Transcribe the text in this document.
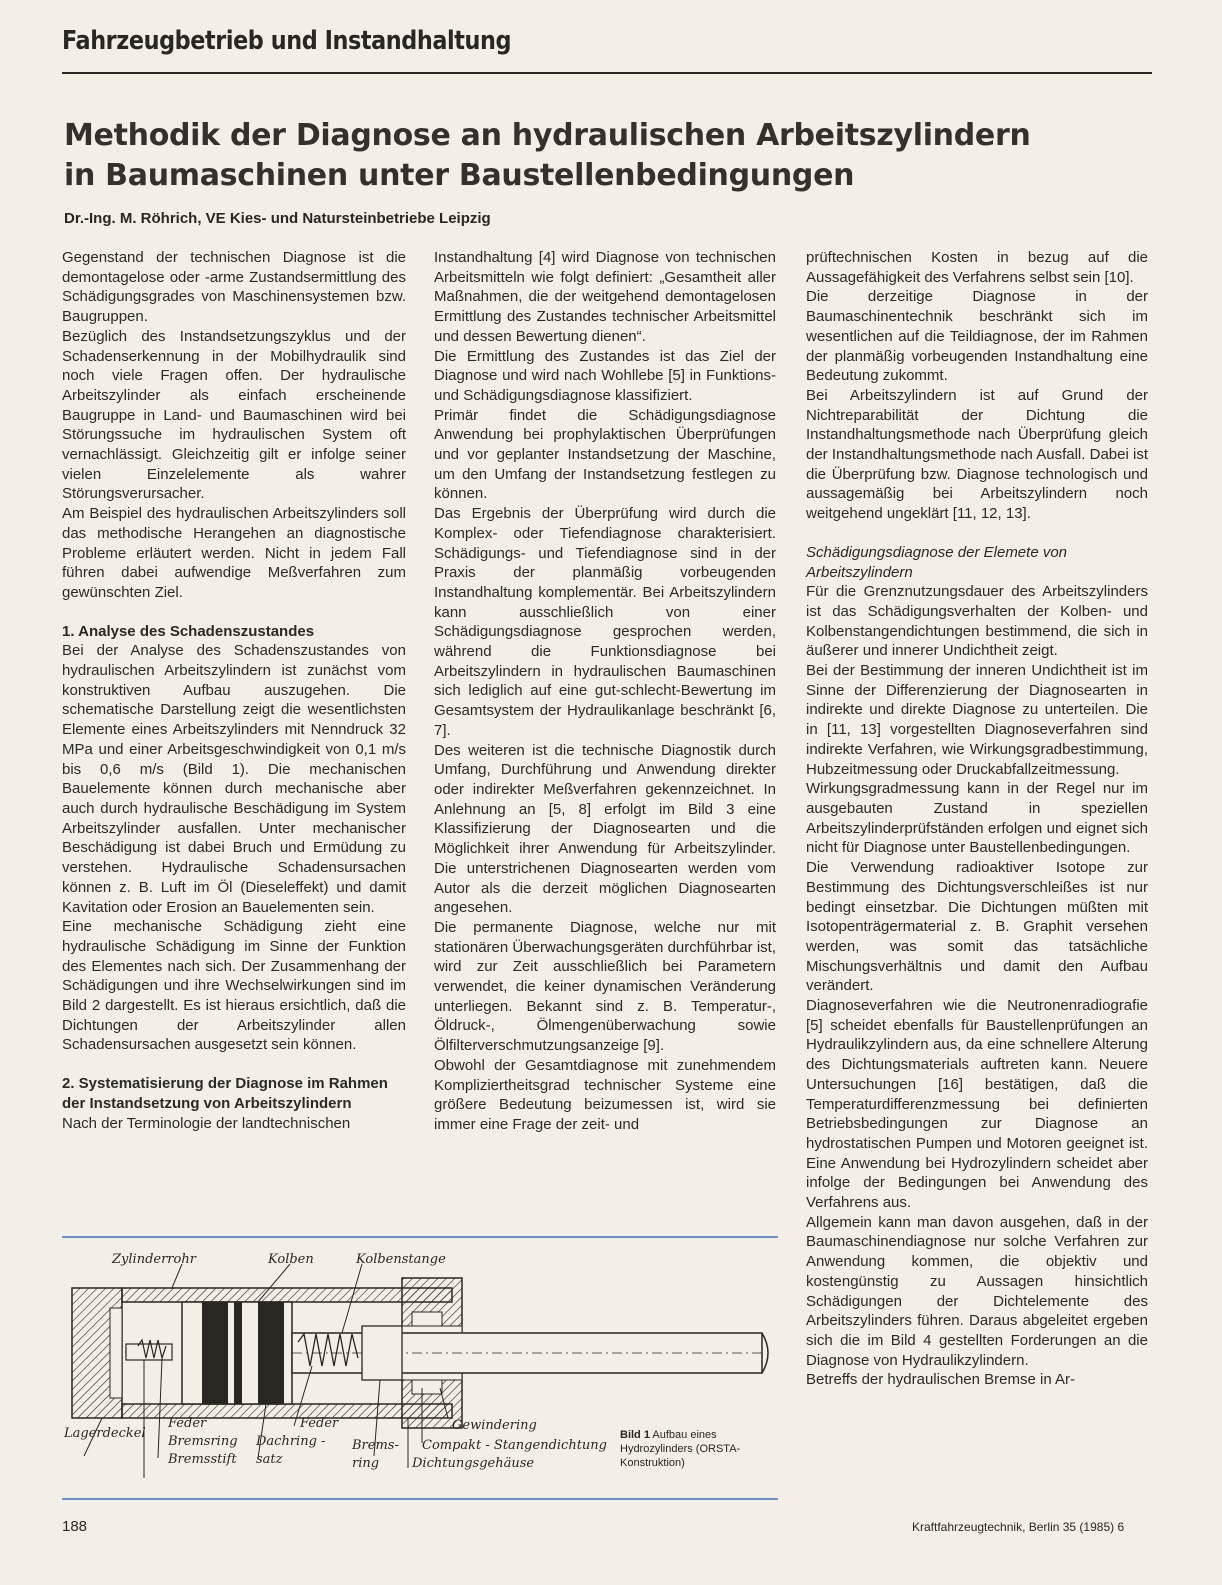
Fahrzeugbetrieb und Instandhaltung
Methodik der Diagnose an hydraulischen Arbeitszylindern
in Baumaschinen unter Baustellenbedingungen
Dr.-Ing. M. Röhrich, VE Kies- und Natursteinbetriebe Leipzig

Gegenstand der technischen Diagnose ist die demontagelose oder -arme Zustandsermittlung des Schädigungsgrades von Maschinensystemen bzw. Baugruppen.

Bezüglich des Instandsetzungszyklus und der Schadenserkennung in der Mobilhydraulik sind noch viele Fragen offen. Der hydraulische Arbeitszylinder als einfach erscheinende Baugruppe in Land- und Baumaschinen wird bei Störungssuche im hydraulischen System oft vernachlässigt. Gleichzeitig gilt er infolge seiner vielen Einzelelemente als wahrer Störungsverursacher.

Am Beispiel des hydraulischen Arbeitszylinders soll das methodische Herangehen an diagnostische Probleme erläutert werden. Nicht in jedem Fall führen dabei aufwendige Meßverfahren zum gewünschten Ziel.

1. Analyse des Schadenszustandes

Bei der Analyse des Schadenszustandes von hydraulischen Arbeitszylindern ist zunächst vom konstruktiven Aufbau auszugehen. Die schematische Darstellung zeigt die wesentlichsten Elemente eines Arbeitszylinders mit Nenndruck 32 MPa und einer Arbeitsgeschwindigkeit von 0,1 m/s bis 0,6 m/s (Bild 1). Die mechanischen Bauelemente können durch mechanische aber auch durch hydraulische Beschädigung im System Arbeitszylinder ausfallen. Unter mechanischer Beschädigung ist dabei Bruch und Ermüdung zu verstehen. Hydraulische Schadensursachen können z. B. Luft im Öl (Dieseleffekt) und damit Kavitation oder Erosion an Bauelementen sein.

Eine mechanische Schädigung zieht eine hydraulische Schädigung im Sinne der Funktion des Elementes nach sich. Der Zusammenhang der Schädigungen und ihre Wechselwirkungen sind im Bild 2 dargestellt. Es ist hieraus ersichtlich, daß die Dichtungen der Arbeitszylinder allen Schadensursachen ausgesetzt sein können.

2. Systematisierung der Diagnose im Rahmen der Instandsetzung von Arbeitszylindern

Nach der Terminologie der landtechnischen

Instandhaltung [4] wird Diagnose von technischen Arbeitsmitteln wie folgt definiert: „Gesamtheit aller Maßnahmen, die der weitgehend demontagelosen Ermittlung des Zustandes technischer Arbeitsmittel und dessen Bewertung dienen“.

Die Ermittlung des Zustandes ist das Ziel der Diagnose und wird nach Wohllebe [5] in Funktions- und Schädigungsdiagnose klassifiziert.

Primär findet die Schädigungsdiagnose Anwendung bei prophylaktischen Überprüfungen und vor geplanter Instandsetzung der Maschine, um den Umfang der Instandsetzung festlegen zu können.

Das Ergebnis der Überprüfung wird durch die Komplex- oder Tiefendiagnose charakterisiert. Schädigungs- und Tiefendiagnose sind in der Praxis der planmäßig vorbeugenden Instandhaltung komplementär. Bei Arbeitszylindern kann ausschließlich von einer Schädigungsdiagnose gesprochen werden, während die Funktionsdiagnose bei Arbeitszylindern in hydraulischen Baumaschinen sich lediglich auf eine gut-schlecht-Bewertung im Gesamtsystem der Hydraulikanlage beschränkt [6, 7].

Des weiteren ist die technische Diagnostik durch Umfang, Durchführung und Anwendung direkter oder indirekter Meßverfahren gekennzeichnet. In Anlehnung an [5, 8] erfolgt im Bild 3 eine Klassifizierung der Diagnosearten und die Möglichkeit ihrer Anwendung für Arbeitszylinder. Die unterstrichenen Diagnosearten werden vom Autor als die derzeit möglichen Diagnosearten angesehen.

Die permanente Diagnose, welche nur mit stationären Überwachungsgeräten durchführbar ist, wird zur Zeit ausschließlich bei Parametern verwendet, die keiner dynamischen Veränderung unterliegen. Bekannt sind z. B. Temperatur-, Öldruck-, Ölmengenüberwachung sowie Ölfilterverschmutzungsanzeige [9].

Obwohl der Gesamtdiagnose mit zunehmendem Kompliziertheitsgrad technischer Systeme eine größere Bedeutung beizumessen ist, wird sie immer eine Frage der zeit- und

prüftechnischen Kosten in bezug auf die Aussagefähigkeit des Verfahrens selbst sein [10].

Die derzeitige Diagnose in der Baumaschinentechnik beschränkt sich im wesentlichen auf die Teildiagnose, der im Rahmen der planmäßig vorbeugenden Instandhaltung eine Bedeutung zukommt.

Bei Arbeitszylindern ist auf Grund der Nichtreparabilität der Dichtung die Instandhaltungsmethode nach Überprüfung gleich der Instandhaltungsmethode nach Ausfall. Dabei ist die Überprüfung bzw. Diagnose technologisch und aussagemäßig bei Arbeitszylindern noch weitgehend ungeklärt [11, 12, 13].

Schädigungsdiagnose der Elemete von Arbeitszylindern

Für die Grenznutzungsdauer des Arbeitszylinders ist das Schädigungsverhalten der Kolben- und Kolbenstangendichtungen bestimmend, die sich in äußerer und innerer Undichtheit zeigt.

Bei der Bestimmung der inneren Undichtheit ist im Sinne der Differenzierung der Diagnosearten in indirekte und direkte Diagnose zu unterteilen. Die in [11, 13] vorgestellten Diagnoseverfahren sind indirekte Verfahren, wie Wirkungsgradbestimmung, Hubzeitmessung oder Druckabfallzeitmessung.

Wirkungsgradmessung kann in der Regel nur im ausgebauten Zustand in speziellen Arbeitszylinderprüfständen erfolgen und eignet sich nicht für Diagnose unter Baustellenbedingungen.

Die Verwendung radioaktiver Isotope zur Bestimmung des Dichtungsverschleißes ist nur bedingt einsetzbar. Die Dichtungen müßten mit Isotopenträgermaterial z. B. Graphit versehen werden, was somit das tatsächliche Mischungsverhältnis und damit den Aufbau verändert.

Diagnoseverfahren wie die Neutronenradiografie [5] scheidet ebenfalls für Baustellenprüfungen an Hydraulikzylindern aus, da eine schnellere Alterung des Dichtungsmaterials auftreten kann. Neuere Untersuchungen [16] bestätigen, daß die Temperaturdifferenzmessung bei definierten Betriebsbedingungen zur Diagnose an hydrostatischen Pumpen und Motoren geeignet ist. Eine Anwendung bei Hydrozylindern scheidet aber infolge der Bedingungen bei Anwendung des Verfahrens aus.

Allgemein kann man davon ausgehen, daß in der Baumaschinendiagnose nur solche Verfahren zur Anwendung kommen, die objektiv und kostengünstig zu Aussagen hinsichtlich Schädigungen der Dichtelemente des Arbeitszylinders führen. Daraus abgeleitet ergeben sich die im Bild 4 gestellten Forderungen an die Diagnose von Hydraulikzylindern.

Betreffs der hydraulischen Bremse in Ar-

Zylinderrohr	Kolben	Kolbenstange
Lagerdeckel
Feder
Bremsring
Bremsstift
Dachring -
satz
Feder
Brems-
ring
Gewindering
Compakt - Stangendichtung
Dichtungsgehäuse
Bild 1 Aufbau eines Hydrozylinders (ORSTA-Konstruktion)
188	Kraftfahrzeugtechnik, Berlin 35 (1985) 6
